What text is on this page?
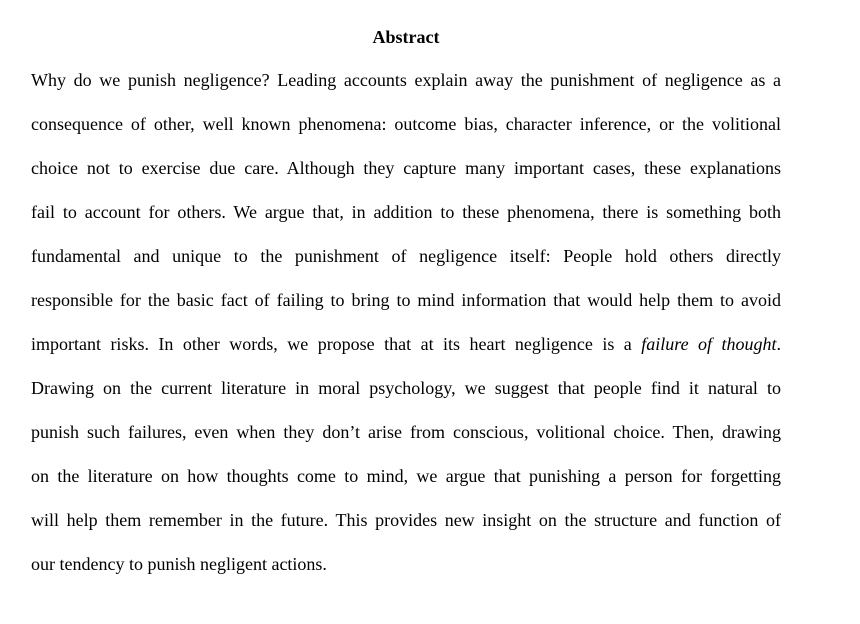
Abstract
Why do we punish negligence? Leading accounts explain away the punishment of negligence as a
consequence of other, well known phenomena: outcome bias, character inference, or the volitional
choice not to exercise due care. Although they capture many important cases, these explanations
fail to account for others. We argue that, in addition to these phenomena, there is something both
fundamental and unique to the punishment of negligence itself: People hold others directly
responsible for the basic fact of failing to bring to mind information that would help them to avoid
important risks. In other words, we propose that at its heart negligence is a failure of thought.
Drawing on the current literature in moral psychology, we suggest that people find it natural to
punish such failures, even when they don’t arise from conscious, volitional choice. Then, drawing
on the literature on how thoughts come to mind, we argue that punishing a person for forgetting
will help them remember in the future. This provides new insight on the structure and function of
our tendency to punish negligent actions.
